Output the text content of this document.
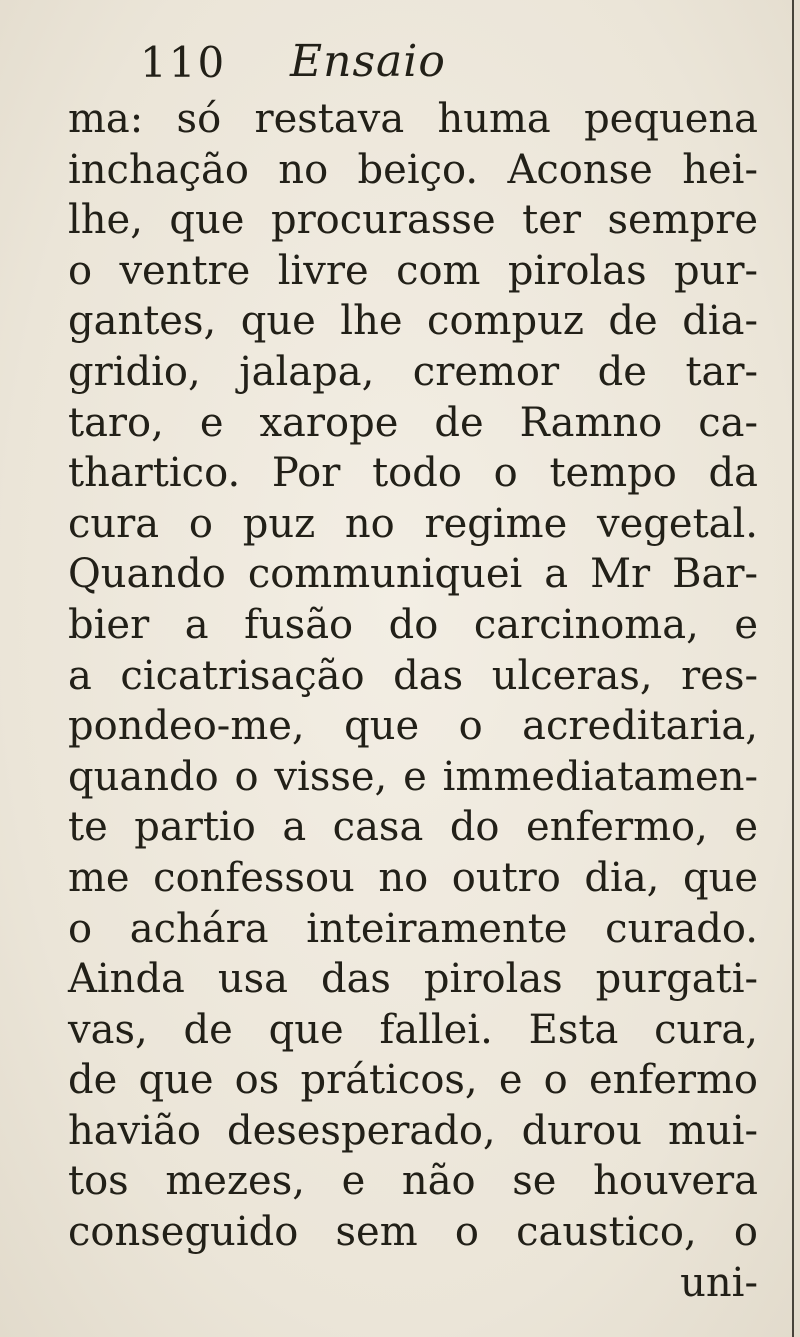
110 Ensaio
ma: só restava huma pequena
inchação no beiço. Aconse hei-
lhe, que procurasse ter sempre
o ventre livre com pirolas pur-
gantes, que lhe compuz de dia-
gridio, jalapa, cremor de tar-
taro, e xarope de Ramno ca-
thartico. Por todo o tempo da
cura o puz no regime vegetal.
Quando communiquei a Mr Bar-
bier a fusão do carcinoma, e
a cicatrisação das ulceras, res-
pondeo-me, que o acreditaria,
quando o visse, e immediatamen-
te partio a casa do enfermo, e
me confessou no outro dia, que
o achára inteiramente curado.
Ainda usa das pirolas purgati-
vas, de que fallei. Esta cura,
de que os práticos, e o enfermo
havião desesperado, durou mui-
tos mezes, e não se houvera
conseguido sem o caustico, o
uni-
